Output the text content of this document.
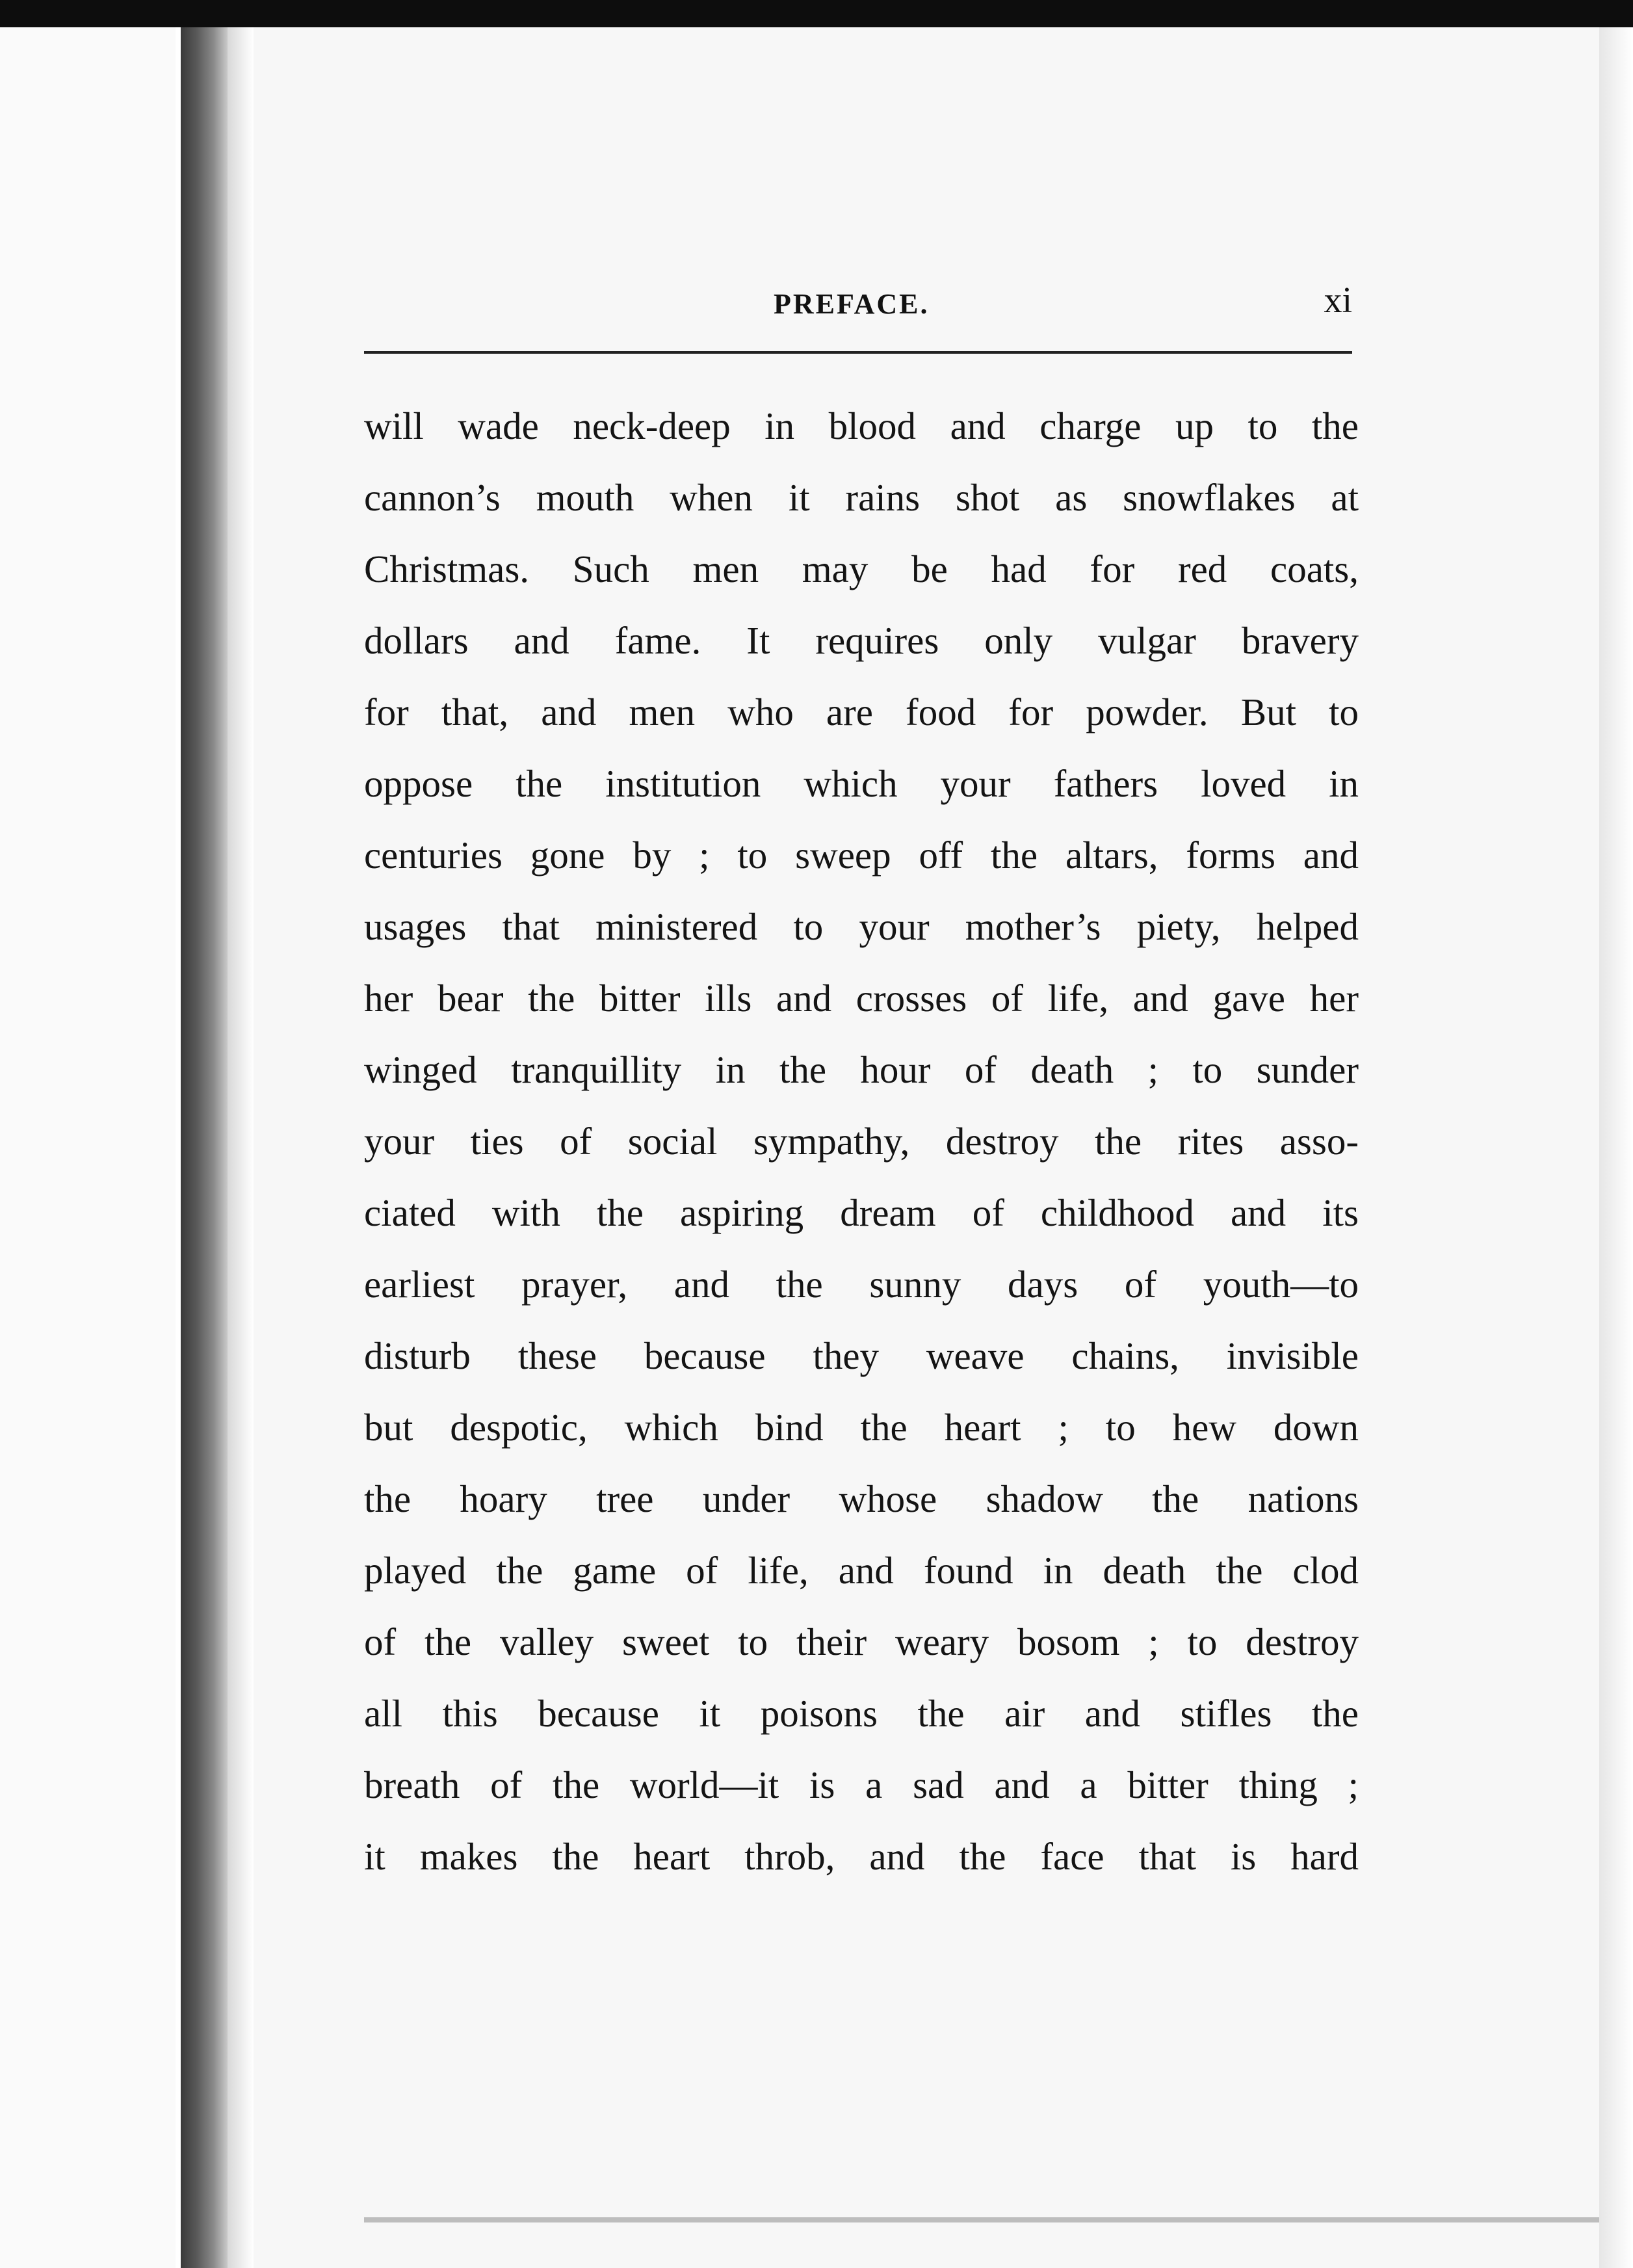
PREFACE.	xi
will wade neck-deep in blood and charge up to the
cannon’s mouth when it rains shot as snowflakes at
Christmas. Such men may be had for red coats,
dollars and fame. It requires only vulgar bravery
for that, and men who are food for powder. But to
oppose the institution which your fathers loved in
centuries gone by ; to sweep off the altars, forms and
usages that ministered to your mother’s piety, helped
her bear the bitter ills and crosses of life, and gave her
winged tranquillity in the hour of death ; to sunder
your ties of social sympathy, destroy the rites asso-
ciated with the aspiring dream of childhood and its
earliest prayer, and the sunny days of youth—to
disturb these because they weave chains, invisible
but despotic, which bind the heart ; to hew down
the hoary tree under whose shadow the nations
played the game of life, and found in death the clod
of the valley sweet to their weary bosom ; to destroy
all this because it poisons the air and stifles the
breath of the world—it is a sad and a bitter thing ;
it makes the heart throb, and the face that is hard
